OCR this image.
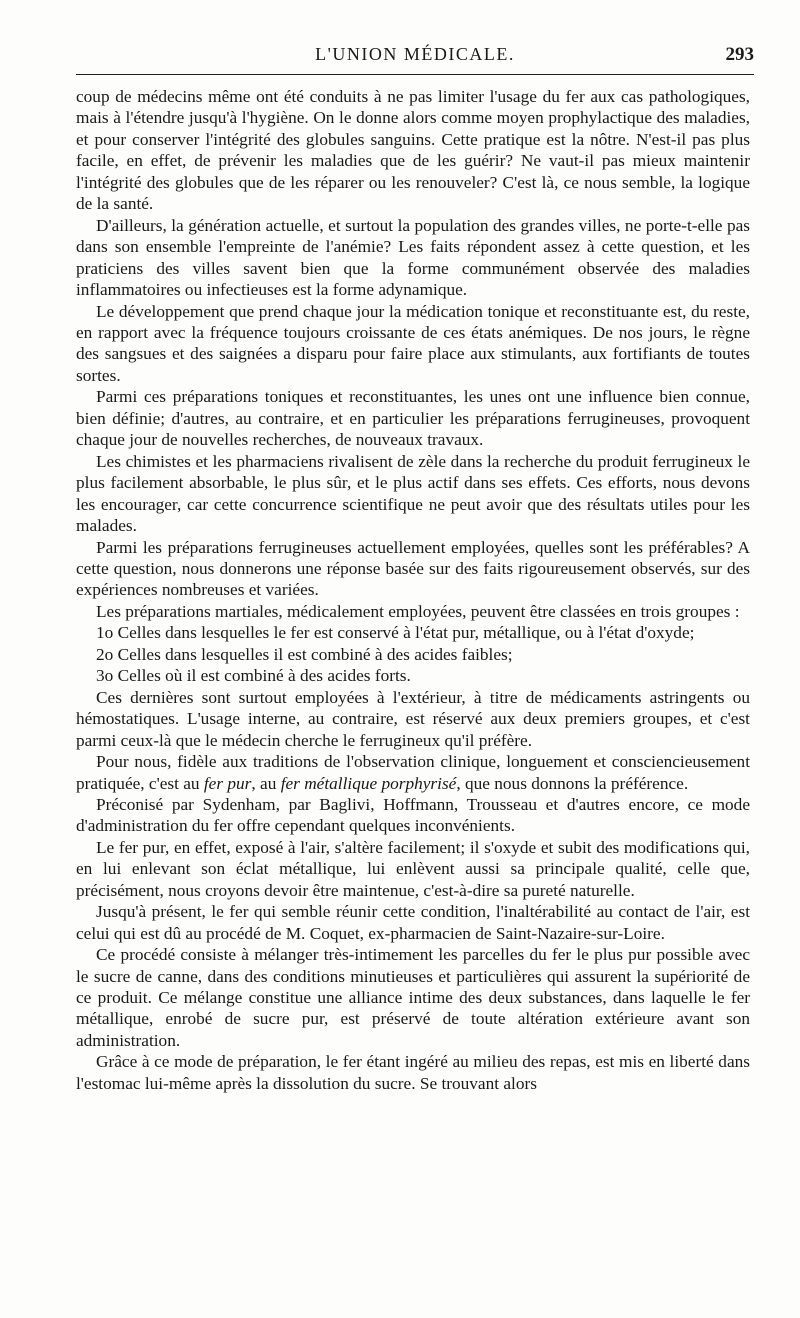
L'UNION MÉDICALE.	293

coup de médecins même ont été conduits à ne pas limiter l'usage du fer aux cas pathologiques, mais à l'étendre jusqu'à l'hygiène. On le donne alors comme moyen prophylactique des maladies, et pour conserver l'intégrité des globules sanguins. Cette pratique est la nôtre. N'est-il pas plus facile, en effet, de prévenir les maladies que de les guérir? Ne vaut-il pas mieux maintenir l'intégrité des globules que de les réparer ou les renouveler? C'est là, ce nous semble, la logique de la santé.

D'ailleurs, la génération actuelle, et surtout la population des grandes villes, ne porte-t-elle pas dans son ensemble l'empreinte de l'anémie? Les faits répondent assez à cette question, et les praticiens des villes savent bien que la forme communément observée des maladies inflammatoires ou infectieuses est la forme adynamique.

Le développement que prend chaque jour la médication tonique et reconstituante est, du reste, en rapport avec la fréquence toujours croissante de ces états anémiques. De nos jours, le règne des sangsues et des saignées a disparu pour faire place aux stimulants, aux fortifiants de toutes sortes.

Parmi ces préparations toniques et reconstituantes, les unes ont une influence bien connue, bien définie; d'autres, au contraire, et en particulier les préparations ferrugineuses, provoquent chaque jour de nouvelles recherches, de nouveaux travaux.

Les chimistes et les pharmaciens rivalisent de zèle dans la recherche du produit ferrugineux le plus facilement absorbable, le plus sûr, et le plus actif dans ses effets. Ces efforts, nous devons les encourager, car cette concurrence scientifique ne peut avoir que des résultats utiles pour les malades.

Parmi les préparations ferrugineuses actuellement employées, quelles sont les préférables? A cette question, nous donnerons une réponse basée sur des faits rigoureusement observés, sur des expériences nombreuses et variées.

Les préparations martiales, médicalement employées, peuvent être classées en trois groupes :

1o Celles dans lesquelles le fer est conservé à l'état pur, métallique, ou à l'état d'oxyde;

2o Celles dans lesquelles il est combiné à des acides faibles;

3o Celles où il est combiné à des acides forts.

Ces dernières sont surtout employées à l'extérieur, à titre de médicaments astringents ou hémostatiques. L'usage interne, au contraire, est réservé aux deux premiers groupes, et c'est parmi ceux-là que le médecin cherche le ferrugineux qu'il préfère.

Pour nous, fidèle aux traditions de l'observation clinique, longuement et consciencieusement pratiquée, c'est au fer pur, au fer métallique porphyrisé, que nous donnons la préférence.

Préconisé par Sydenham, par Baglivi, Hoffmann, Trousseau et d'autres encore, ce mode d'administration du fer offre cependant quelques inconvénients.

Le fer pur, en effet, exposé à l'air, s'altère facilement; il s'oxyde et subit des modifications qui, en lui enlevant son éclat métallique, lui enlèvent aussi sa principale qualité, celle que, précisément, nous croyons devoir être maintenue, c'est-à-dire sa pureté naturelle.

Jusqu'à présent, le fer qui semble réunir cette condition, l'inaltérabilité au contact de l'air, est celui qui est dû au procédé de M. Coquet, ex-pharmacien de Saint-Nazaire-sur-Loire.

Ce procédé consiste à mélanger très-intimement les parcelles du fer le plus pur possible avec le sucre de canne, dans des conditions minutieuses et particulières qui assurent la supériorité de ce produit. Ce mélange constitue une alliance intime des deux substances, dans laquelle le fer métallique, enrobé de sucre pur, est préservé de toute altération extérieure avant son administration.

Grâce à ce mode de préparation, le fer étant ingéré au milieu des repas, est mis en liberté dans l'estomac lui-même après la dissolution du sucre. Se trouvant alors
